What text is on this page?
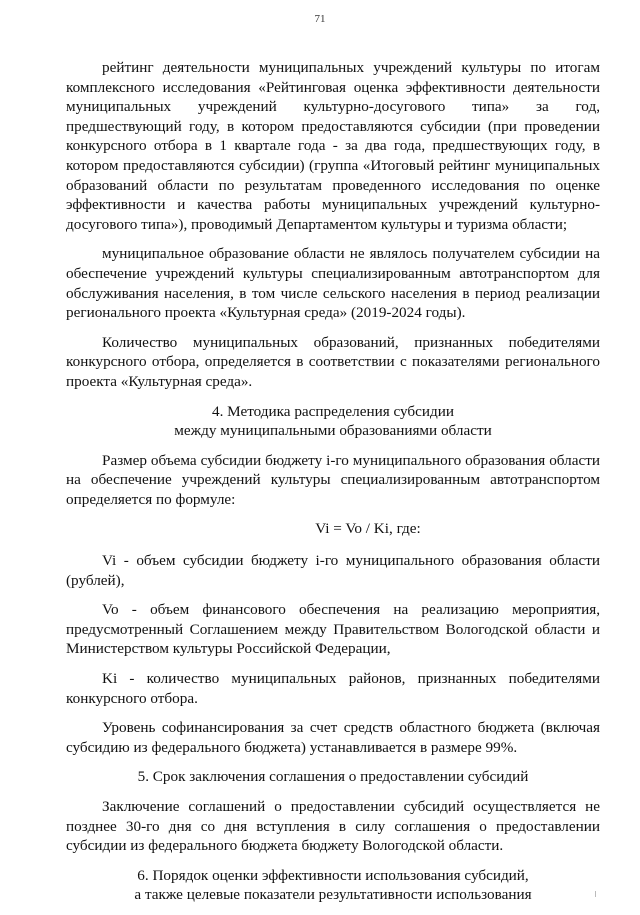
71

рейтинг деятельности муниципальных учреждений культуры по итогам комплексного исследования «Рейтинговая оценка эффективности деятельности муниципальных учреждений культурно-досугового типа» за год, предшествующий году, в котором предоставляются субсидии (при проведении конкурсного отбора в 1 квартале года - за два года, предшествующих году, в котором предоставляются субсидии) (группа «Итоговый рейтинг муниципальных образований области по результатам проведенного исследования по оценке эффективности и качества работы муниципальных учреждений культурно-досугового типа»), проводимый Департаментом культуры и туризма области;

муниципальное образование области не являлось получателем субсидии на обеспечение учреждений культуры специализированным автотранспортом для обслуживания населения, в том числе сельского населения в период реализации регионального проекта «Культурная среда» (2019-2024 годы).

Количество муниципальных образований, признанных победителями конкурсного отбора, определяется в соответствии с показателями регионального проекта «Культурная среда».

4. Методика распределения субсидии
между муниципальными образованиями области

Размер объема субсидии бюджету i-го муниципального образования области на обеспечение учреждений культуры специализированным автотранспортом определяется по формуле:

Vi = Vo / Ki, где:

Vi - объем субсидии бюджету i-го муниципального образования области (рублей),

Vo - объем финансового обеспечения на реализацию мероприятия, предусмотренный Соглашением между Правительством Вологодской области и Министерством культуры Российской Федерации,

Ki - количество муниципальных районов, признанных победителями конкурсного отбора.

Уровень софинансирования за счет средств областного бюджета (включая субсидию из федерального бюджета) устанавливается в размере 99%.

5. Срок заключения соглашения о предоставлении субсидий

Заключение соглашений о предоставлении субсидий осуществляется не позднее 30-го дня со дня вступления в силу соглашения о предоставлении субсидии из федерального бюджета бюджету Вологодской области.

6. Порядок оценки эффективности использования субсидий,
а также целевые показатели результативности использования
